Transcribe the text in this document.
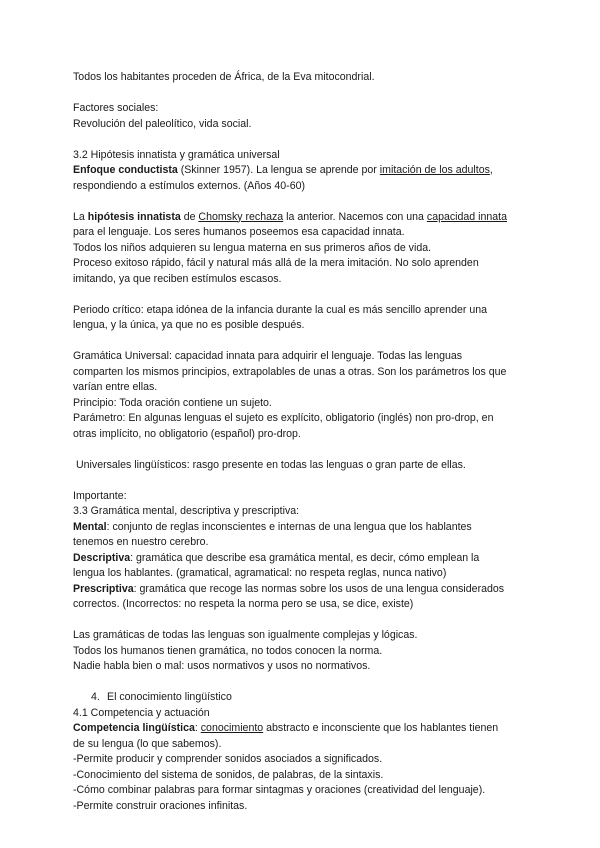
Todos los habitantes proceden de África, de la Eva mitocondrial.

Factores sociales:

Revolución del paleolítico, vida social.

3.2 Hipótesis innatista y gramática universal

Enfoque conductista (Skinner 1957). La lengua se aprende por imitación de los adultos,

respondiendo a estímulos externos. (Años 40-60)

La hipótesis innatista de Chomsky rechaza la anterior. Nacemos con una capacidad innata

para el lenguaje. Los seres humanos poseemos esa capacidad innata.

Todos los niños adquieren su lengua materna en sus primeros años de vida.

Proceso exitoso rápido, fácil y natural más allá de la mera imitación. No solo aprenden

imitando, ya que reciben estímulos escasos.

Periodo crítico: etapa idónea de la infancia durante la cual es más sencillo aprender una

lengua, y la única, ya que no es posible después.

Gramática Universal: capacidad innata para adquirir el lenguaje. Todas las lenguas

comparten los mismos principios, extrapolables de unas a otras. Son los parámetros los que

varían entre ellas.

Principio: Toda oración contiene un sujeto.

Parámetro: En algunas lenguas el sujeto es explícito, obligatorio (inglés) non pro-drop, en

otras implícito, no obligatorio (español) pro-drop.

Universales lingüísticos: rasgo presente en todas las lenguas o gran parte de ellas.

Importante:

3.3 Gramática mental, descriptiva y prescriptiva:

Mental: conjunto de reglas inconscientes e internas de una lengua que los hablantes

tenemos en nuestro cerebro.

Descriptiva: gramática que describe esa gramática mental, es decir, cómo emplean la

lengua los hablantes. (gramatical, agramatical: no respeta reglas, nunca nativo)

Prescriptiva: gramática que recoge las normas sobre los usos de una lengua considerados

correctos. (Incorrectos: no respeta la norma pero se usa, se dice, existe)

Las gramáticas de todas las lenguas son igualmente complejas y lógicas.

Todos los humanos tienen gramática, no todos conocen la norma.

Nadie habla bien o mal: usos normativos y usos no normativos.

4. El conocimiento lingüístico

4.1 Competencia y actuación

Competencia lingüística: conocimiento abstracto e inconsciente que los hablantes tienen

de su lengua (lo que sabemos).

-Permite producir y comprender sonidos asociados a significados.

-Conocimiento del sistema de sonidos, de palabras, de la sintaxis.

-Cómo combinar palabras para formar sintagmas y oraciones (creatividad del lenguaje).

-Permite construir oraciones infinitas.
